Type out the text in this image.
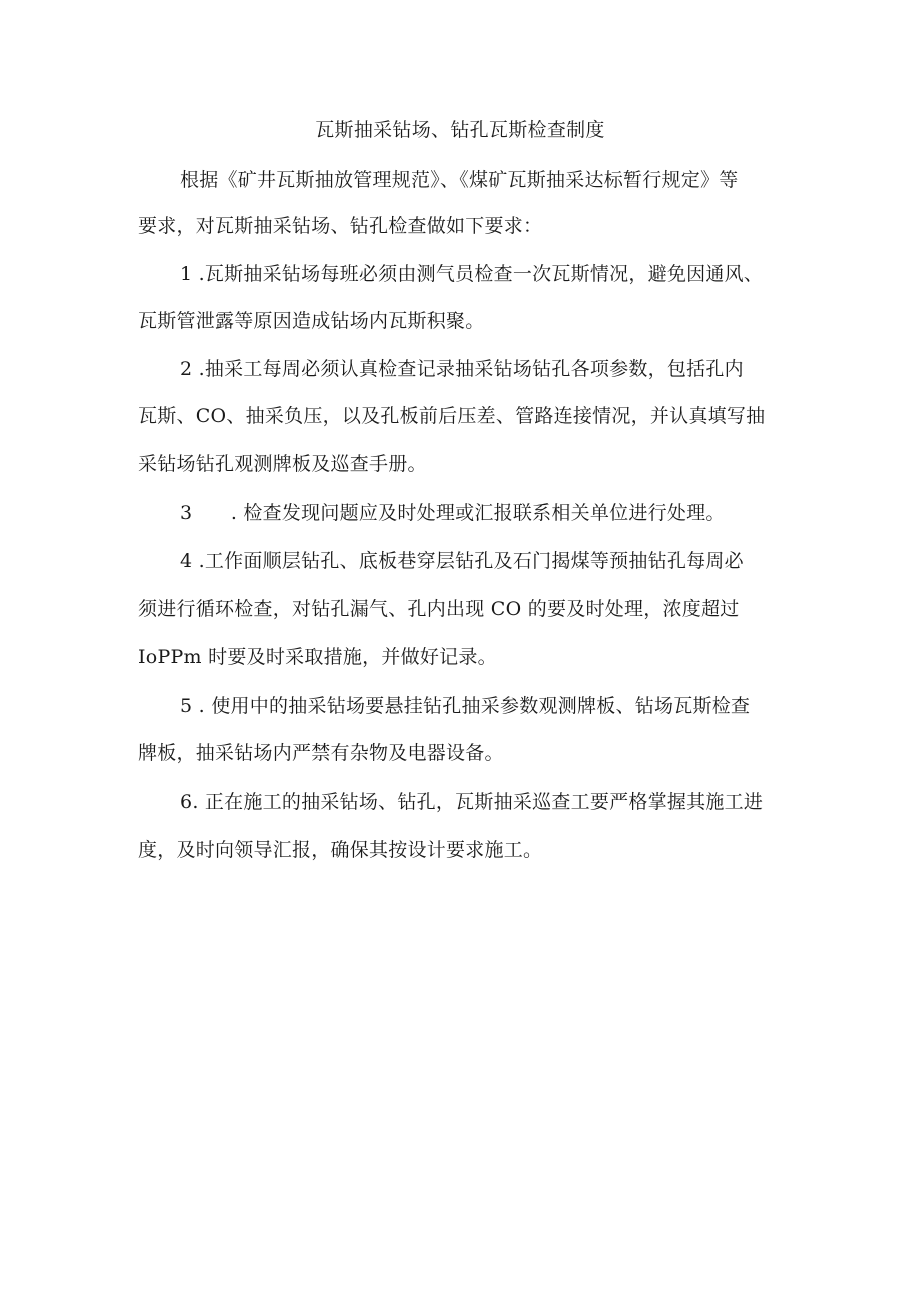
瓦斯抽采钻场、钻孔瓦斯检查制度
根据《矿井瓦斯抽放管理规范》、《煤矿瓦斯抽采达标暂行规定》等
要求，对瓦斯抽采钻场、钻孔检查做如下要求：
1 .瓦斯抽采钻场每班必须由测气员检查一次瓦斯情况，避免因通风、
瓦斯管泄露等原因造成钻场内瓦斯积聚。
2 .抽采工每周必须认真检查记录抽采钻场钻孔各项参数，包括孔内
瓦斯、CO、抽采负压，以及孔板前后压差、管路连接情况，并认真填写抽
采钻场钻孔观测牌板及巡查手册。
3　　. 检查发现问题应及时处理或汇报联系相关单位进行处理。
4 .工作面顺层钻孔、底板巷穿层钻孔及石门揭煤等预抽钻孔每周必
须进行循环检查，对钻孔漏气、孔内出现 CO 的要及时处理，浓度超过
IoPPm 时要及时采取措施，并做好记录。
5 . 使用中的抽采钻场要悬挂钻孔抽采参数观测牌板、钻场瓦斯检查
牌板，抽采钻场内严禁有杂物及电器设备。
6. 正在施工的抽采钻场、钻孔，瓦斯抽采巡查工要严格掌握其施工进
度，及时向领导汇报，确保其按设计要求施工。
